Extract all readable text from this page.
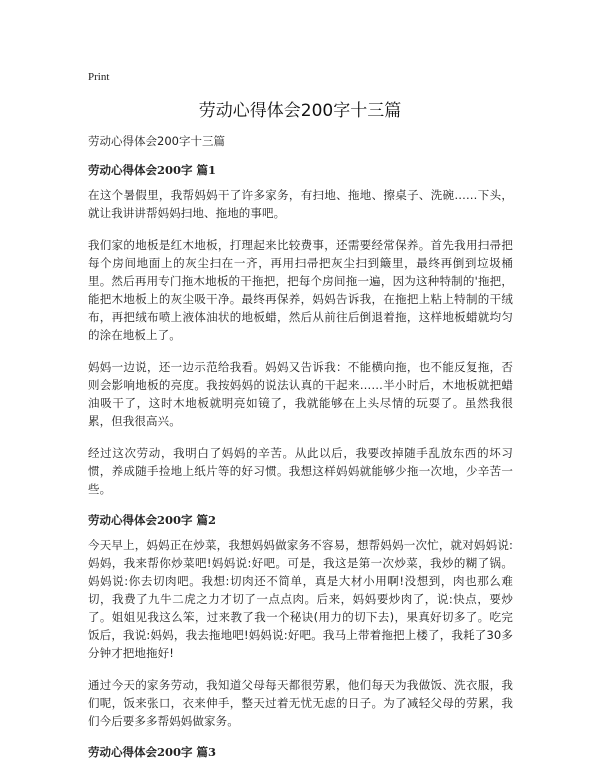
Print
劳动心得体会200字十三篇

劳动心得体会200字十三篇

劳动心得体会200字 篇1

在这个暑假里，我帮妈妈干了许多家务，有扫地、拖地、擦桌子、洗碗……下头，就让我讲讲帮妈妈扫地、拖地的事吧。

我们家的地板是红木地板，打理起来比较费事，还需要经常保养。首先我用扫帚把每个房间地面上的灰尘扫在一齐，再用扫帚把灰尘扫到簸里，最终再倒到垃圾桶里。然后再用专门拖木地板的干拖把，把每个房间拖一遍，因为这种特制的'拖把，能把木地板上的灰尘吸干净。最终再保养，妈妈告诉我，在拖把上粘上特制的干绒布，再把绒布喷上液体油状的地板蜡，然后从前往后倒退着拖，这样地板蜡就均匀的涂在地板上了。

妈妈一边说，还一边示范给我看。妈妈又告诉我：不能横向拖，也不能反复拖，否则会影响地板的亮度。我按妈妈的说法认真的干起来……半小时后，木地板就把蜡油吸干了，这时木地板就明亮如镜了，我就能够在上头尽情的玩耍了。虽然我很累，但我很高兴。

经过这次劳动，我明白了妈妈的辛苦。从此以后，我要改掉随手乱放东西的坏习惯，养成随手捡地上纸片等的好习惯。我想这样妈妈就能够少拖一次地，少辛苦一些。

劳动心得体会200字 篇2

今天早上，妈妈正在炒菜，我想妈妈做家务不容易，想帮妈妈一次忙，就对妈妈说:妈妈，我来帮你炒菜吧!妈妈说:好吧。可是，我这是第一次炒菜，我炒的糊了锅。妈妈说:你去切肉吧。我想:切肉还不简单，真是大材小用啊!没想到，肉也那么难切，我费了九牛二虎之力才切了一点点肉。后来，妈妈要炒肉了，说:快点，要炒了。姐姐见我这么笨，过来教了我一个秘诀(用力的切下去)，果真好切多了。吃完饭后，我说:妈妈，我去拖地吧!妈妈说:好吧。我马上带着拖把上楼了，我耗了30多分钟才把地拖好!

通过今天的家务劳动，我知道父母每天都很劳累，他们每天为我做饭、洗衣服，我们呢，饭来张口，衣来伸手，整天过着无忧无虑的日子。为了减轻父母的劳累，我们今后要多多帮妈妈做家务。

劳动心得体会200字 篇3
